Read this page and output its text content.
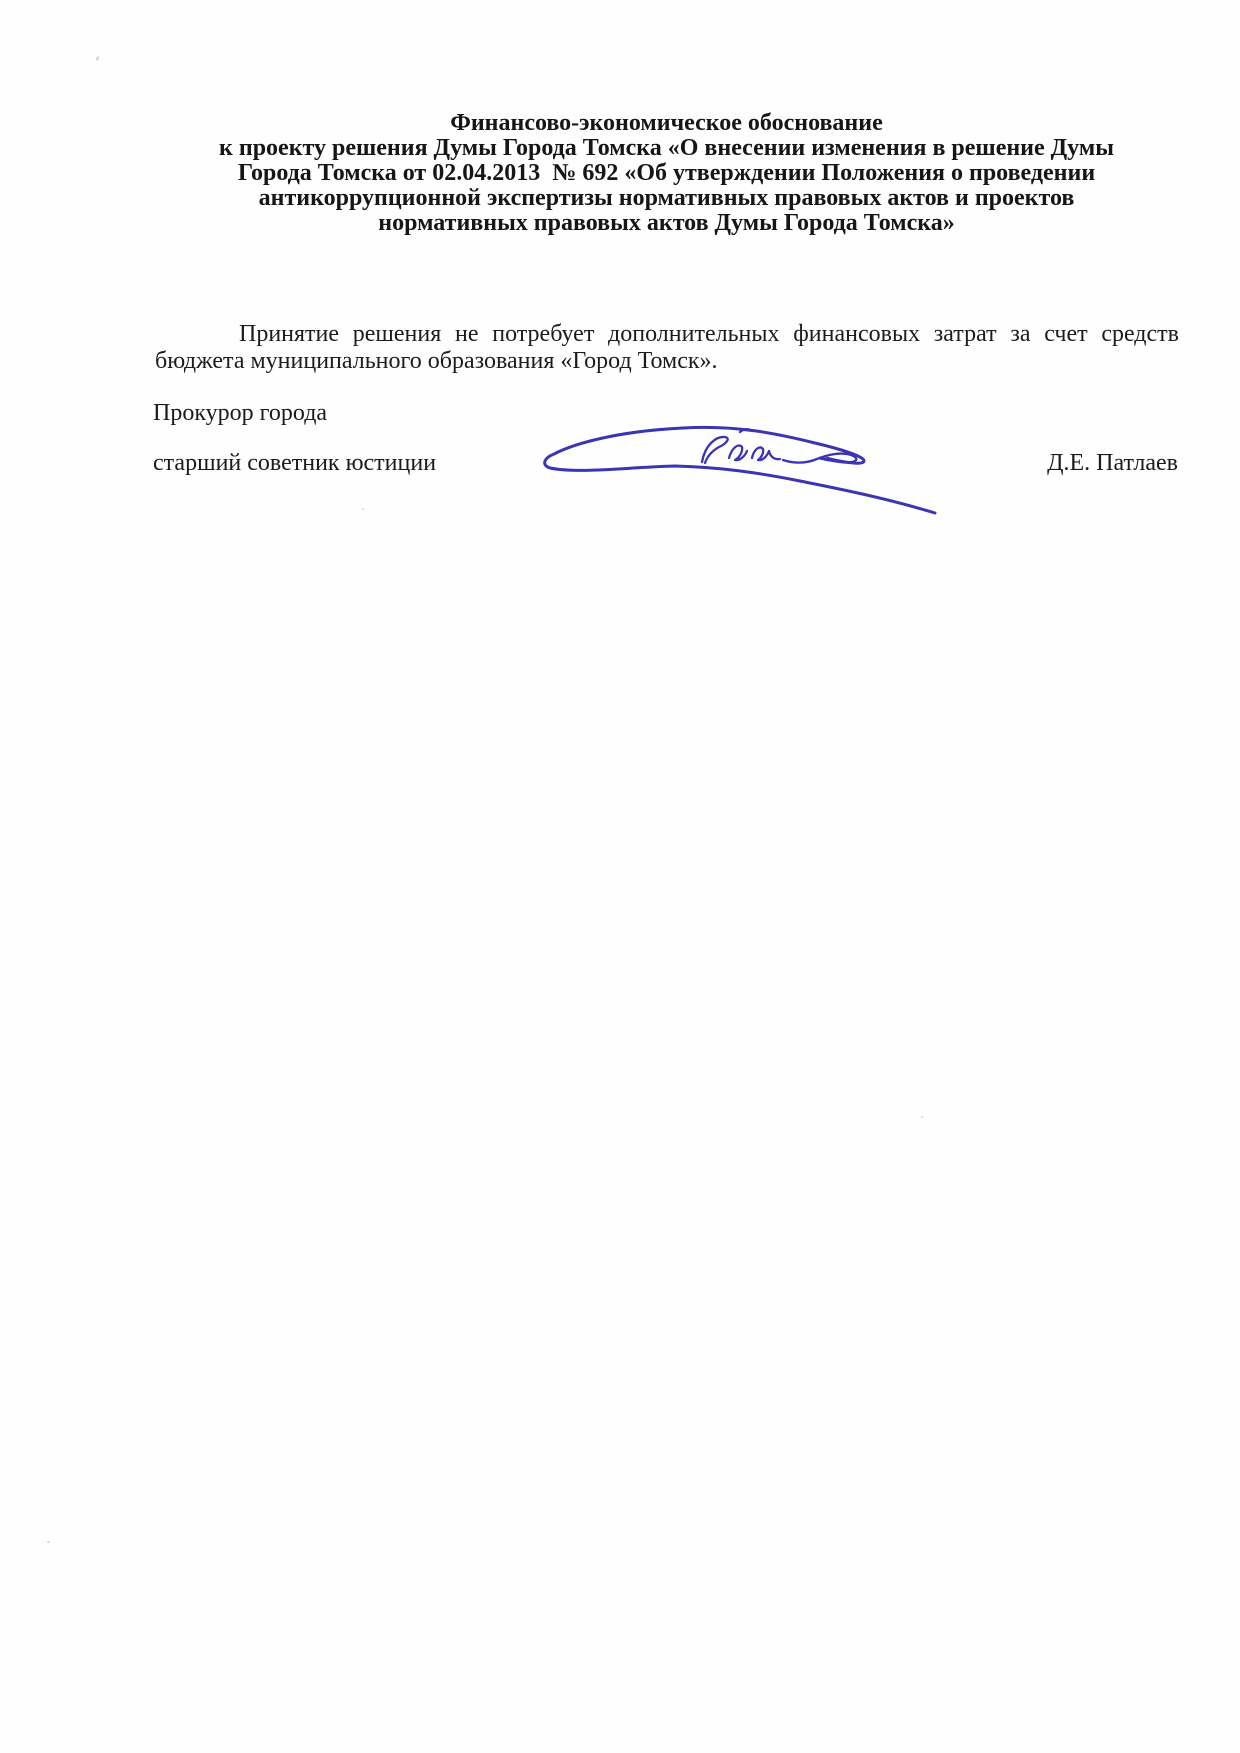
Финансово-экономическое обоснование
к проекту решения Думы Города Томска «О внесении изменения в решение Думы
Города Томска от 02.04.2013  № 692 «Об утверждении Положения о проведении
антикоррупционной экспертизы нормативных правовых актов и проектов
нормативных правовых актов Думы Города Томска»

Принятие решения не потребует дополнительных финансовых затрат за счет средств бюджета муниципального образования «Город Томск».

Прокурор города
старший советник юстиции	Д.Е. Патлаев
